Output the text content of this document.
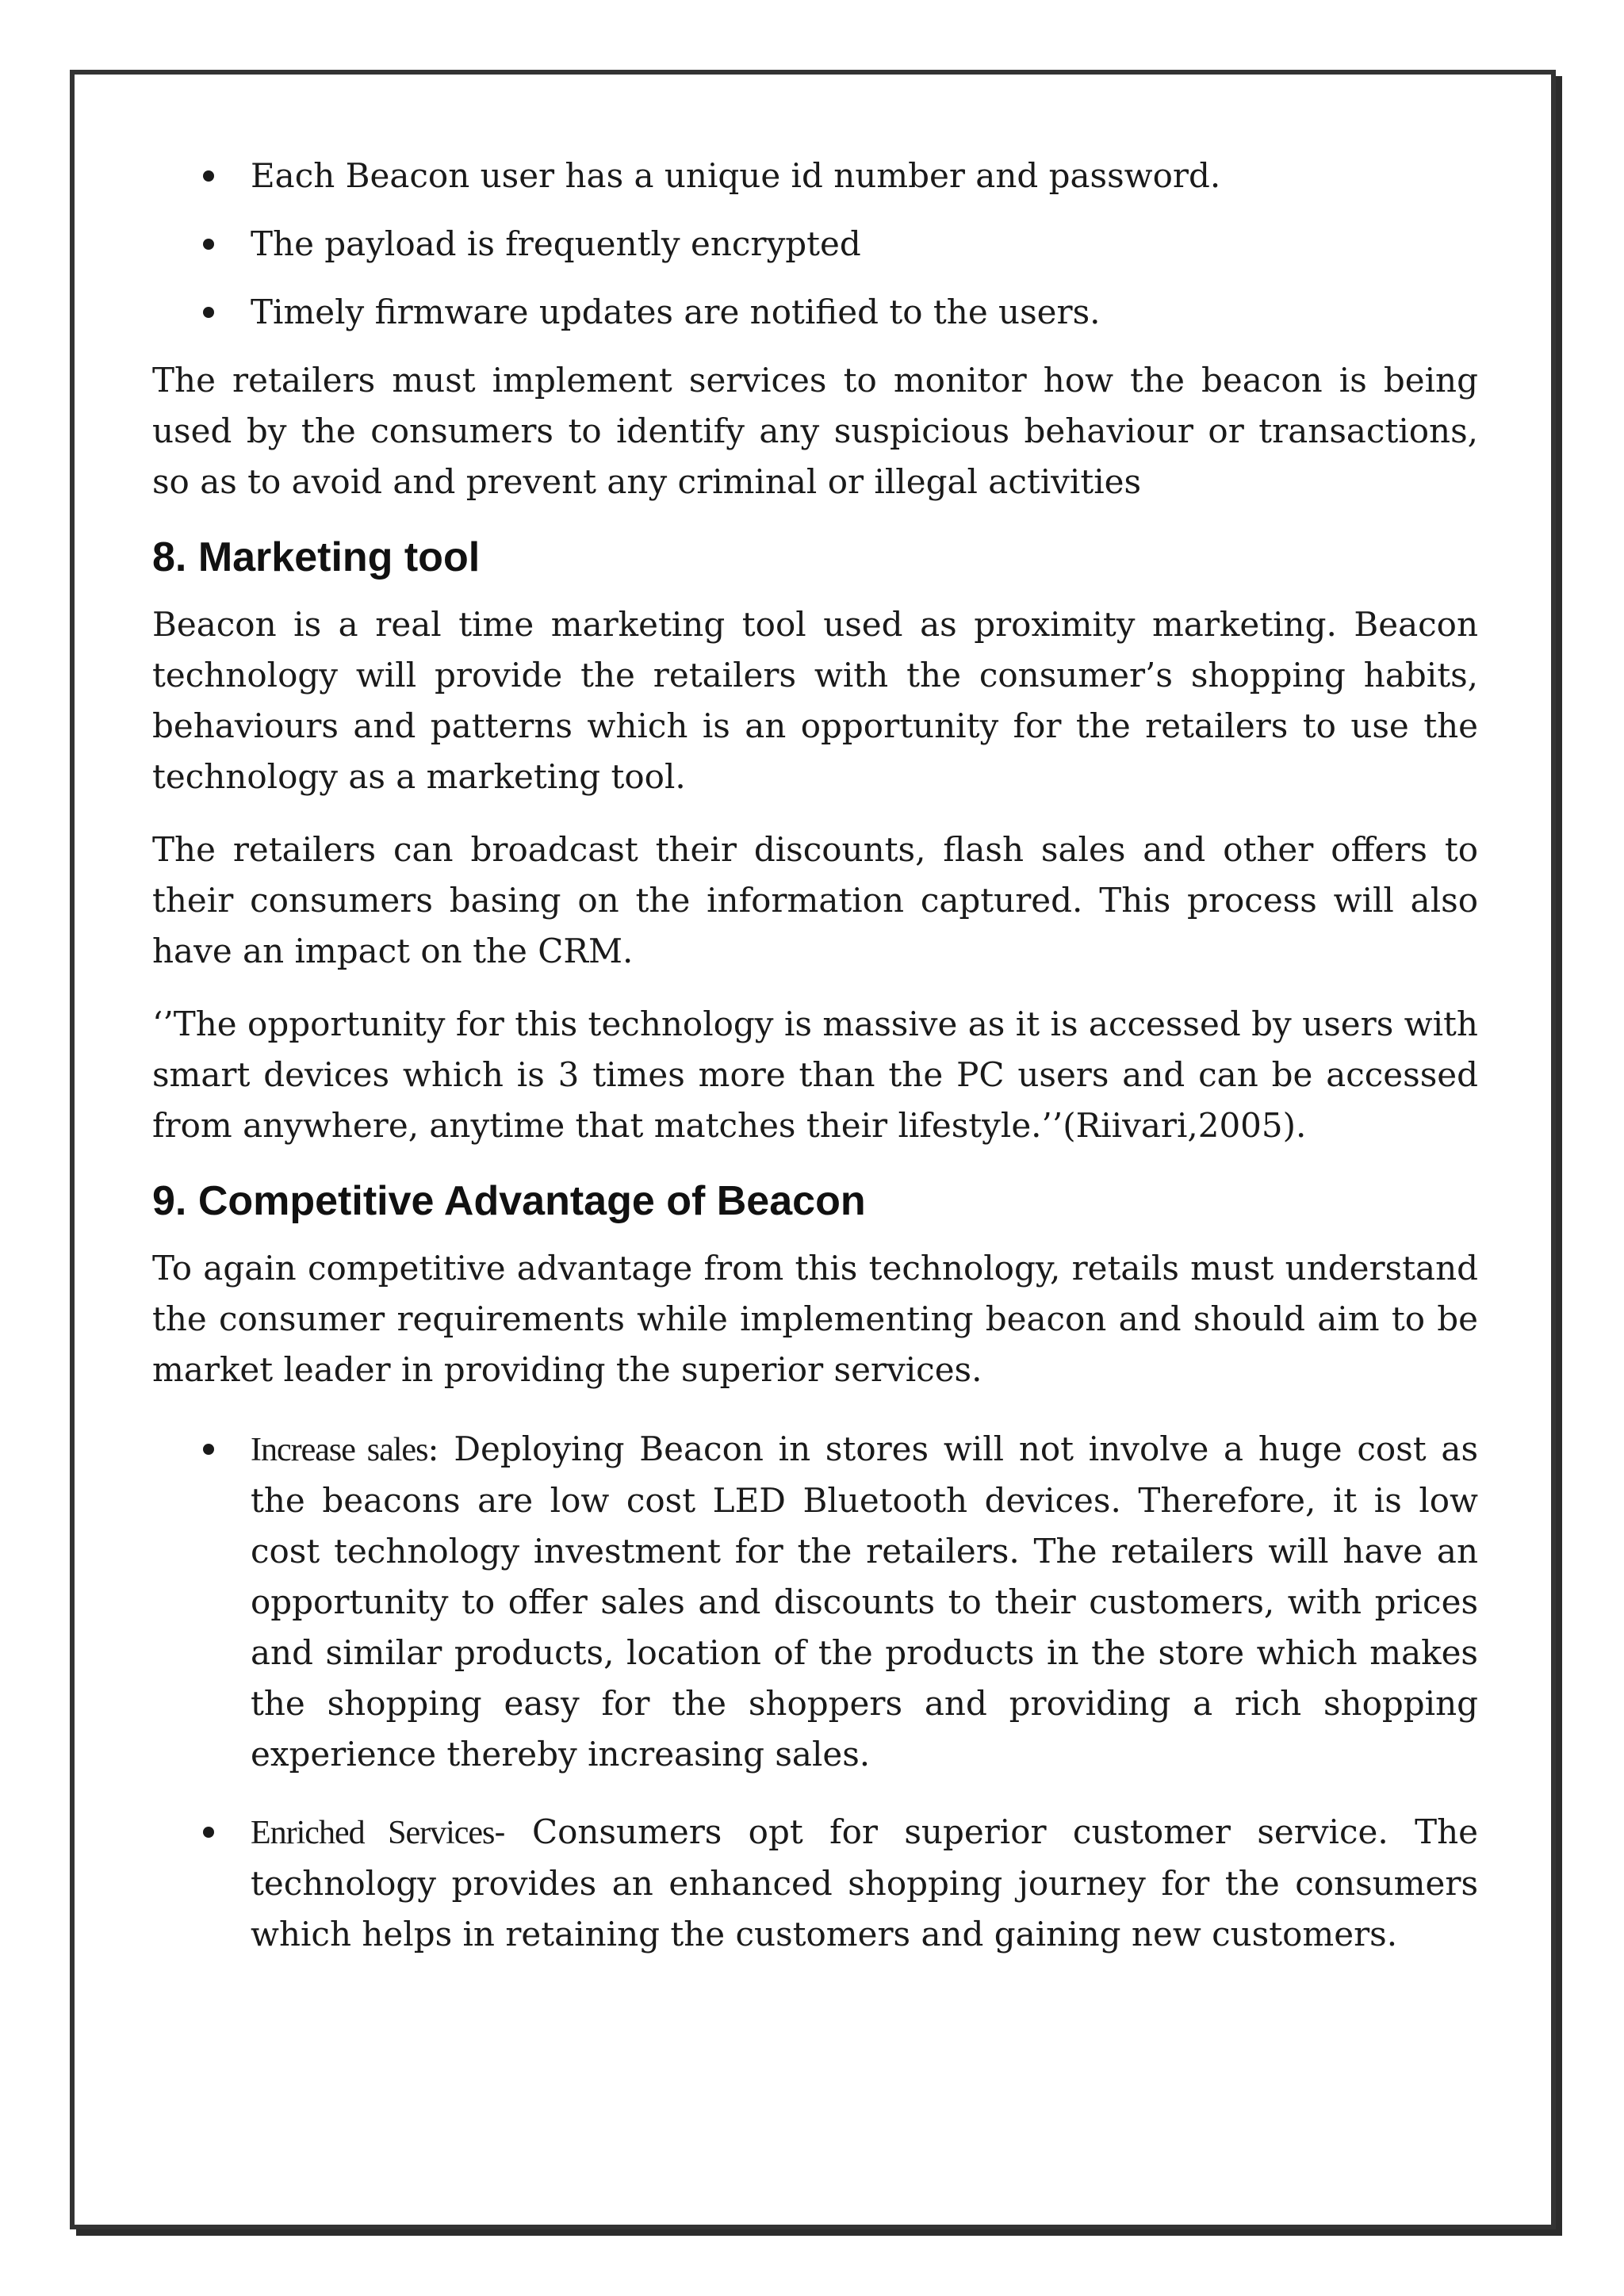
Each Beacon user has a unique id number and password.
The payload is frequently encrypted
Timely firmware updates are notified to the users.

The retailers must implement services to monitor how the beacon is being used by the consumers to identify any suspicious behaviour or transactions, so as to avoid and prevent any criminal or illegal activities

8. Marketing tool

Beacon is a real time marketing tool used as proximity marketing. Beacon technology will provide the retailers with the consumer’s shopping habits, behaviours and patterns which is an opportunity for the retailers to use the technology as a marketing tool.

The retailers can broadcast their discounts, flash sales and other offers to their consumers basing on the information captured. This process will also have an impact on the CRM.

‘’The opportunity for this technology is massive as it is accessed by users with smart devices which is 3 times more than the PC users and can be accessed from anywhere, anytime that matches their lifestyle.’’(Riivari,2005).

9. Competitive Advantage of Beacon

To again competitive advantage from this technology, retails must understand the consumer requirements while implementing beacon and should aim to be market leader in providing the superior services.

Increase sales: Deploying Beacon in stores will not involve a huge cost as the beacons are low cost LED Bluetooth devices. Therefore, it is low cost technology investment for the retailers. The retailers will have an opportunity to offer sales and discounts to their customers, with prices and similar products, location of the products in the store which makes the shopping easy for the shoppers and providing a rich shopping experience thereby increasing sales.
Enriched Services- Consumers opt for superior customer service. The technology provides an enhanced shopping journey for the consumers which helps in retaining the customers and gaining new customers.
